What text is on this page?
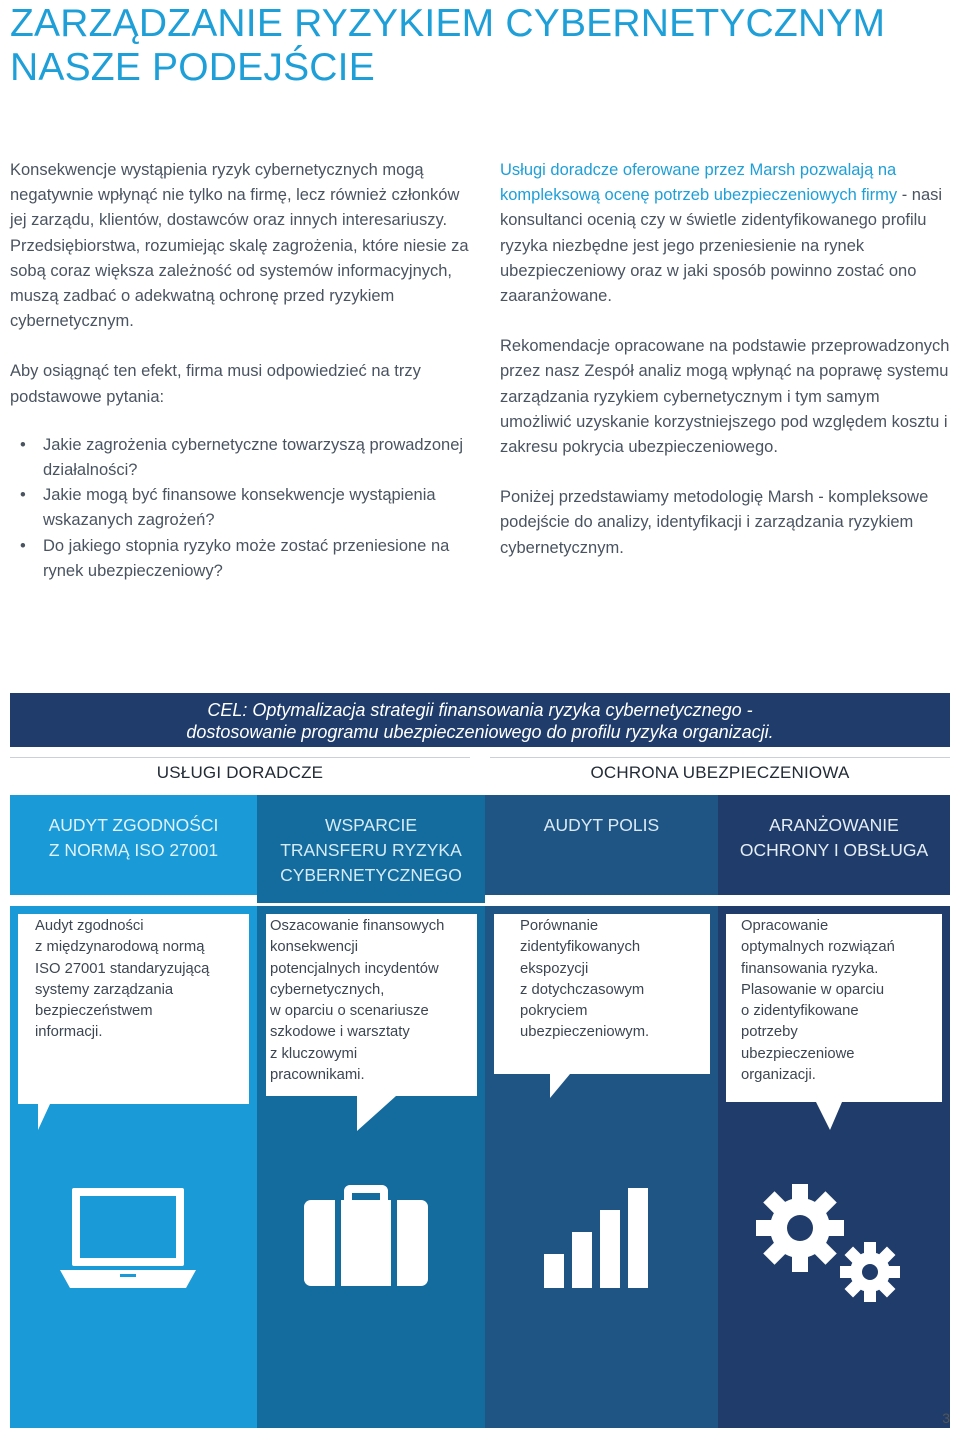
ZARZĄDZANIE RYZYKIEM CYBERNETYCZNYM
NASZE PODEJŚCIE

Konsekwencje wystąpienia ryzyk cybernetycznych mogą negatywnie wpłynąć nie tylko na firmę, lecz również członków jej zarządu, klientów, dostawców oraz innych interesariuszy. Przedsiębiorstwa, rozumiejąc skalę zagrożenia, które niesie za sobą coraz większa zależność od systemów informacyjnych, muszą zadbać o adekwatną ochronę przed ryzykiem cybernetycznym.

Aby osiągnąć ten efekt, firma musi odpowiedzieć na trzy podstawowe pytania:

• Jakie zagrożenia cybernetyczne towarzyszą prowadzonej działalności?
• Jakie mogą być finansowe konsekwencje wystąpienia wskazanych zagrożeń?
• Do jakiego stopnia ryzyko może zostać przeniesione na rynek ubezpieczeniowy?

Usługi doradcze oferowane przez Marsh pozwalają na kompleksową ocenę potrzeb ubezpieczeniowych firmy - nasi konsultanci ocenią czy w świetle zidentyfikowanego profilu ryzyka niezbędne jest jego przeniesienie na rynek ubezpieczeniowy oraz w jaki sposób powinno zostać ono zaaranżowane.

Rekomendacje opracowane na podstawie przeprowadzonych przez nasz Zespół analiz mogą wpłynąć na poprawę systemu zarządzania ryzykiem cybernetycznym i tym samym umożliwić uzyskanie korzystniejszego pod względem kosztu i zakresu pokrycia ubezpieczeniowego.

Poniżej przedstawiamy metodologię Marsh - kompleksowe podejście do analizy, identyfikacji i zarządzania ryzykiem cybernetycznym.

CEL: Optymalizacja strategii finansowania ryzyka cybernetycznego -
dostosowanie programu ubezpieczeniowego do profilu ryzyka organizacji.
USŁUGI DORADCZE	OCHRONA UBEZPIECZENIOWA
AUDYT ZGODNOŚCI
Z NORMĄ ISO 27001
WSPARCIE
TRANSFERU RYZYKA
CYBERNETYCZNEGO
AUDYT POLIS	ARANŻOWANIE
OCHRONY I OBSŁUGA
Audyt zgodności
z międzynarodową normą
ISO 27001 standaryzującą
systemy zarządzania
bezpieczeństwem
informacji.
Oszacowanie finansowych
konsekwencji
potencjalnych incydentów
cybernetycznych,
w oparciu o scenariusze
szkodowe i warsztaty
z kluczowymi
pracownikami.
Porównanie
zidentyfikowanych
ekspozycji
z dotychczasowym
pokryciem
ubezpieczeniowym.
Opracowanie
optymalnych rozwiązań
finansowania ryzyka.
Plasowanie w oparciu
o zidentyfikowane
potrzeby
ubezpieczeniowe
organizacji.
3
